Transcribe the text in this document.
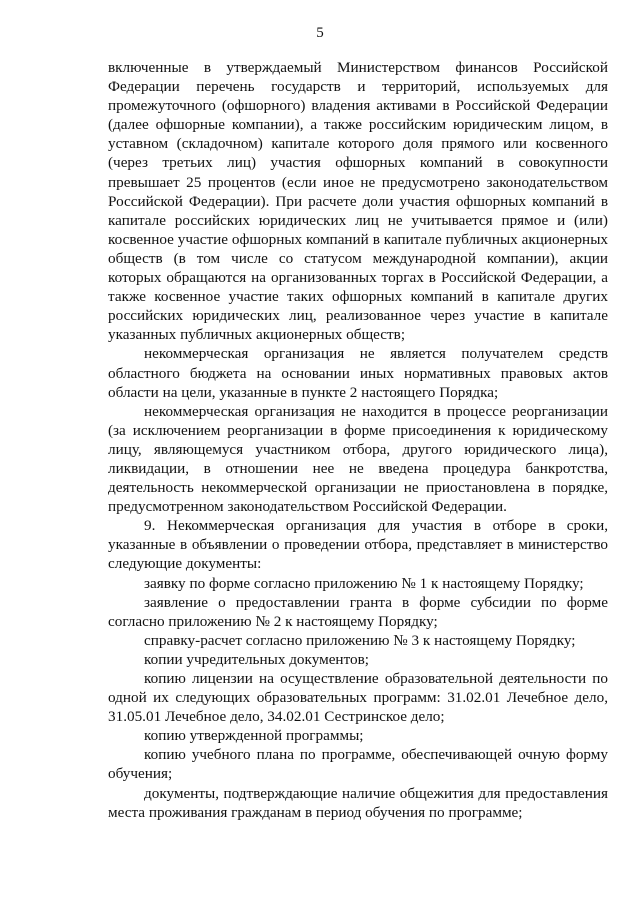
5

включенные в утверждаемый Министерством финансов Российской Федерации перечень государств и территорий, используемых для промежуточного (офшорного) владения активами в Российской Федерации (далее офшорные компании), а также российским юридическим лицом, в уставном (складочном) капитале которого доля прямого или косвенного (через третьих лиц) участия офшорных компаний в совокупности превышает 25 процентов (если иное не предусмотрено законодательством Российской Федерации). При расчете доли участия офшорных компаний в капитале российских юридических лиц не учитывается прямое и (или) косвенное участие офшорных компаний в капитале публичных акционерных обществ (в том числе со статусом международной компании), акции которых обращаются на организованных торгах в Российской Федерации, а также косвенное участие таких офшорных компаний в капитале других российских юридических лиц, реализованное через участие в капитале указанных публичных акционерных обществ;

некоммерческая организация не является получателем средств областного бюджета на основании иных нормативных правовых актов области на цели, указанные в пункте 2 настоящего Порядка;

некоммерческая организация не находится в процессе реорганизации (за исключением реорганизации в форме присоединения к юридическому лицу, являющемуся участником отбора, другого юридического лица), ликвидации, в отношении нее не введена процедура банкротства, деятельность некоммерческой организации не приостановлена в порядке, предусмотренном законодательством Российской Федерации.

9. Некоммерческая организация для участия в отборе в сроки, указанные в объявлении о проведении отбора, представляет в министерство следующие документы:

заявку по форме согласно приложению № 1 к настоящему Порядку;

заявление о предоставлении гранта в форме субсидии по форме согласно приложению № 2 к настоящему Порядку;

справку-расчет согласно приложению № 3 к настоящему Порядку;

копии учредительных документов;

копию лицензии на осуществление образовательной деятельности по одной их следующих образовательных программ: 31.02.01 Лечебное дело, 31.05.01 Лечебное дело, 34.02.01 Сестринское дело;

копию утвержденной программы;

копию учебного плана по программе, обеспечивающей очную форму обучения;

документы, подтверждающие наличие общежития для предоставления места проживания гражданам в период обучения по программе;
